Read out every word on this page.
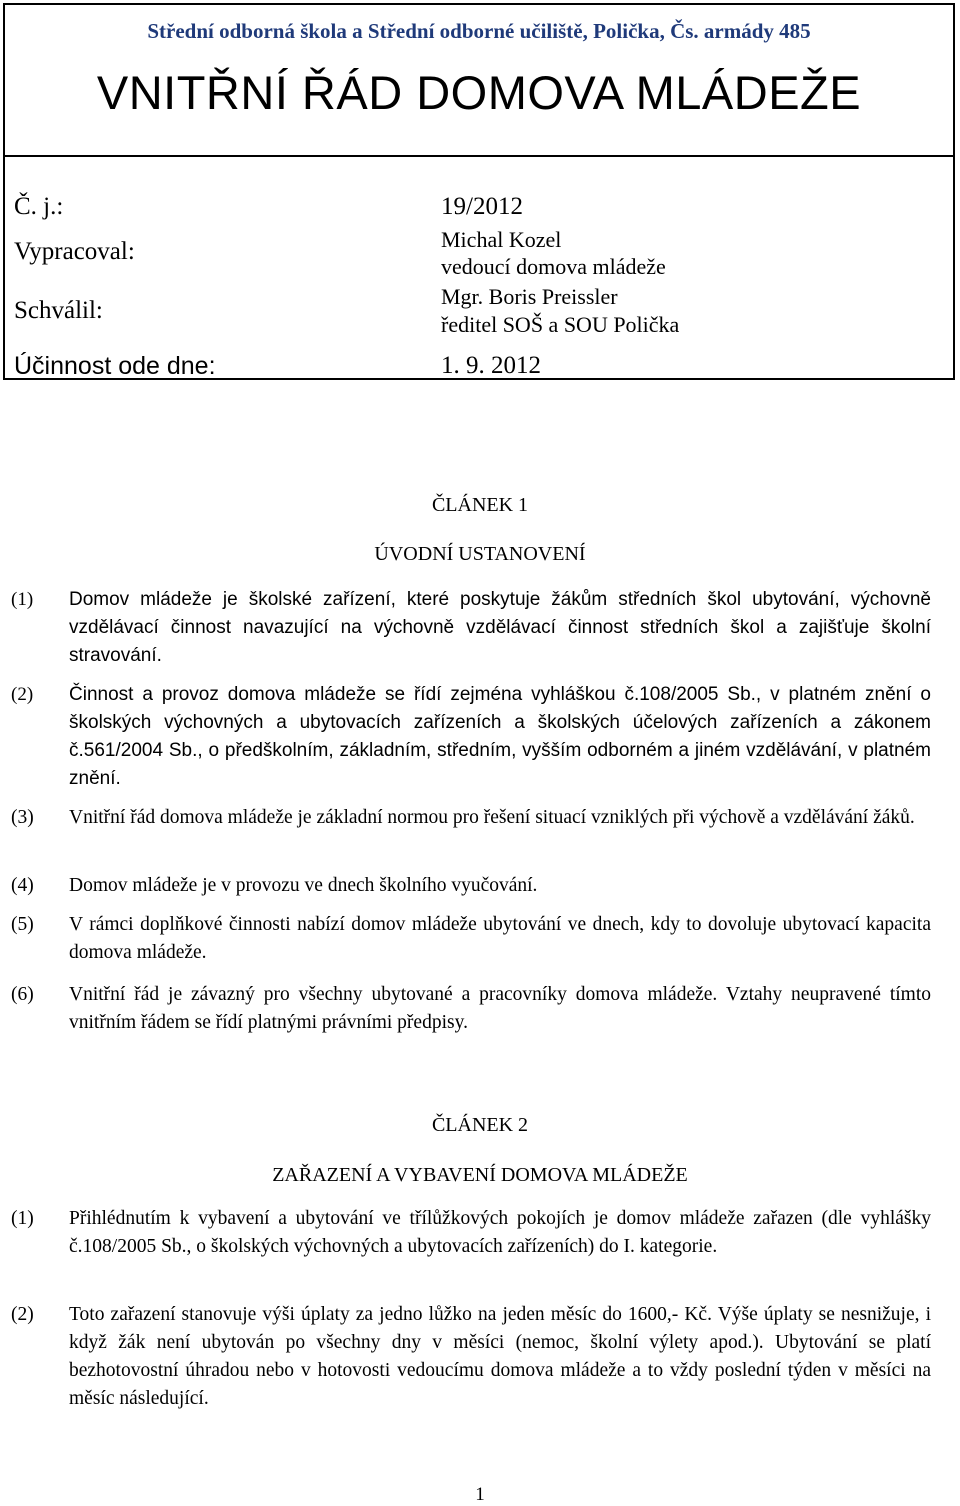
Střední odborná škola a Střední odborné učiliště, Polička, Čs. armády 485
VNITŘNÍ ŘÁD DOMOVA MLÁDEŽE
Č. j.:	19/2012
Vypracoval:	Michal Kozel
vedoucí domova mládeže
Schválil:
Mgr. Boris Preissler
ředitel SOŠ a SOU Polička
Účinnost ode dne:	1. 9. 2012
ČLÁNEK 1
ÚVODNÍ USTANOVENÍ
(1) Domov mládeže je školské zařízení, které poskytuje žákům středních škol ubytování, výchovně vzdělávací činnost navazující na výchovně vzdělávací činnost středních škol a zajišťuje školní stravování.
(2) Činnost a provoz domova mládeže se řídí zejména vyhláškou č.108/2005 Sb., v platném znění o školských výchovných a ubytovacích zařízeních a školských účelových zařízeních a zákonem č.561/2004 Sb., o předškolním, základním, středním, vyšším odborném a jiném vzdělávání, v platném znění.
(3) Vnitřní řád domova mládeže je základní normou pro řešení situací vzniklých při výchově a vzdělávání žáků.
(4) Domov mládeže je v provozu ve dnech školního vyučování.
(5) V rámci doplňkové činnosti nabízí domov mládeže ubytování ve dnech, kdy to dovoluje ubytovací kapacita domova mládeže.
(6) Vnitřní řád je závazný pro všechny ubytované a pracovníky domova mládeže. Vztahy neupravené tímto vnitřním řádem se řídí platnými právními předpisy.
ČLÁNEK 2
ZAŘAZENÍ A VYBAVENÍ DOMOVA MLÁDEŽE
(1) Přihlédnutím k vybavení a ubytování ve třílůžkových pokojích je domov mládeže zařazen (dle vyhlášky č.108/2005 Sb., o školských výchovných a ubytovacích zařízeních) do I. kategorie.
(2) Toto zařazení stanovuje výši úplaty za jedno lůžko na jeden měsíc do 1600,- Kč. Výše úplaty se nesnižuje, i když žák není ubytován po všechny dny v měsíci (nemoc, školní výlety apod.). Ubytování se platí bezhotovostní úhradou nebo v hotovosti vedoucímu domova mládeže a to vždy poslední týden v měsíci na měsíc následující.
1
